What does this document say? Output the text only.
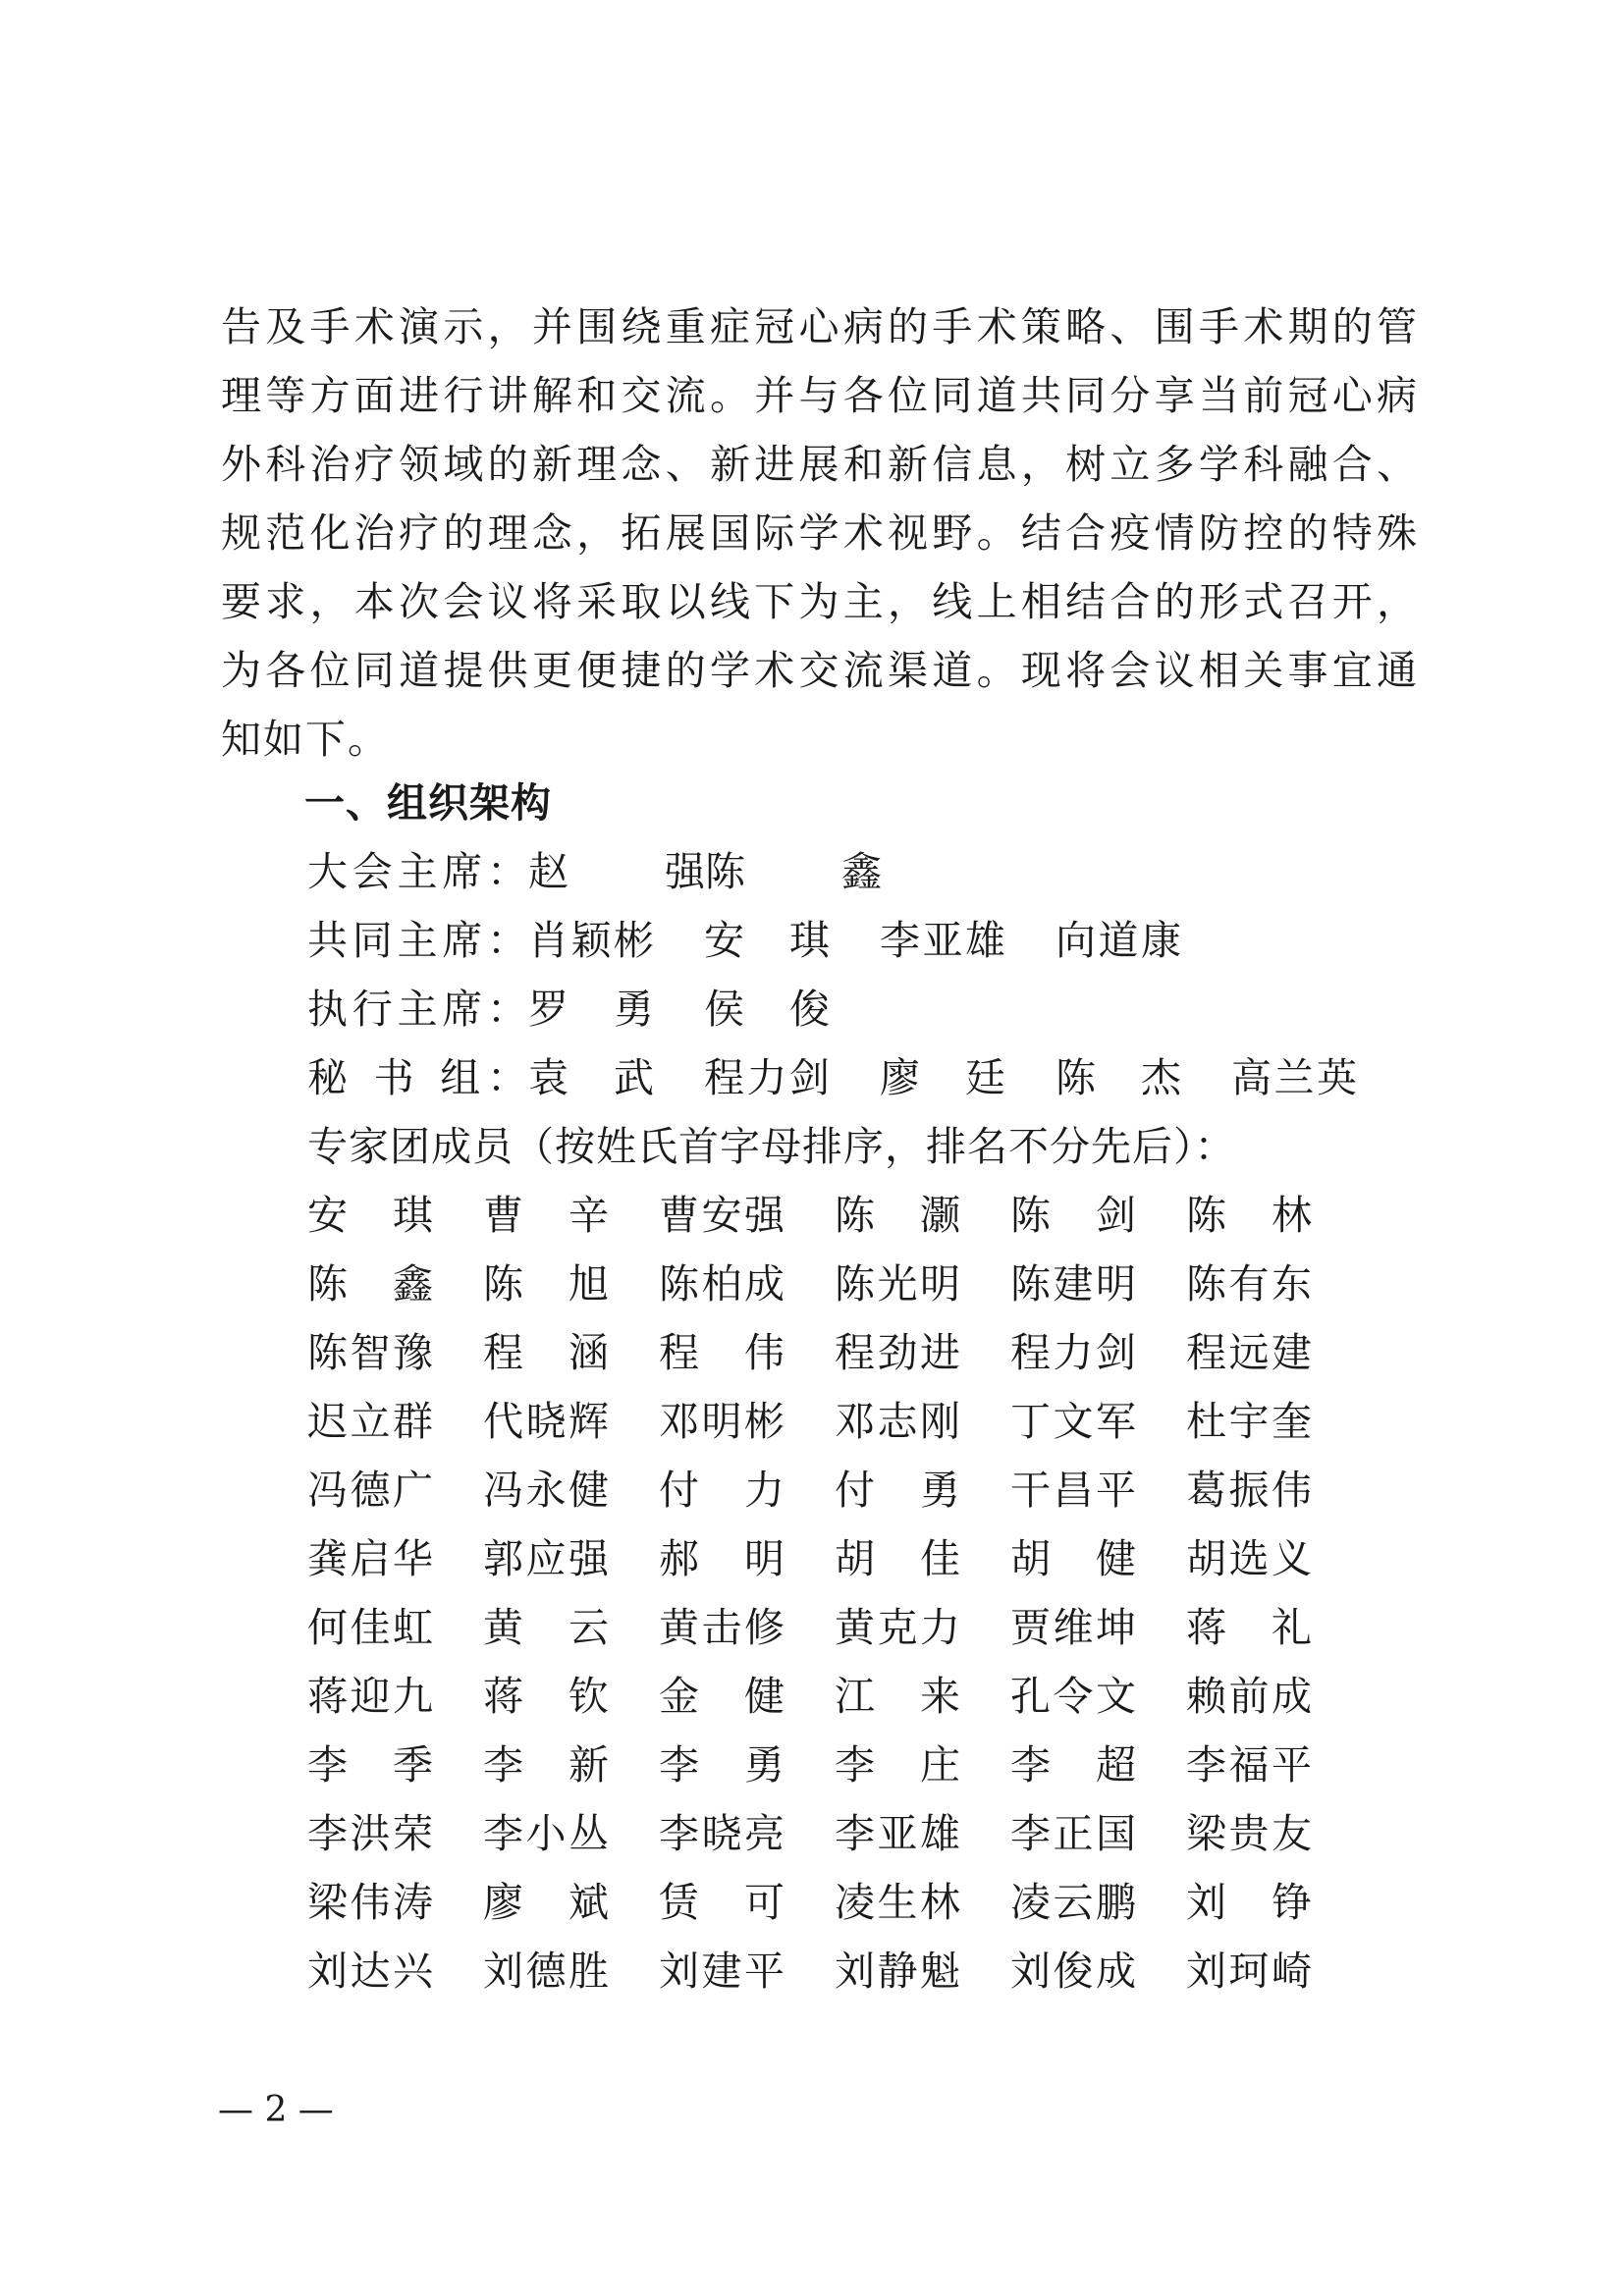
告及手术演示，并围绕重症冠心病的手术策略、围手术期的管
理等方面进行讲解和交流。并与各位同道共同分享当前冠心病
外科治疗领域的新理念、新进展和新信息，树立多学科融合、
规范化治疗的理念，拓展国际学术视野。结合疫情防控的特殊
要求，本次会议将采取以线下为主，线上相结合的形式召开，
为各位同道提供更便捷的学术交流渠道。现将会议相关事宜通
知如下。
一、组织架构
大会主席： 赵　强 陈　鑫
共同主席： 肖颖彬 安　琪 李亚雄 向道康
执行主席： 罗　勇 侯　俊
秘 书 组： 袁　武 程力剑 廖　廷 陈　杰 高兰英
专家团成员（按姓氏首字母排序，排名不分先后）：
安　琪 曹　辛 曹安强 陈　灏 陈　剑 陈　林
陈　鑫 陈　旭 陈柏成 陈光明 陈建明 陈有东
陈智豫 程　涵 程　伟 程劲进 程力剑 程远建
迟立群 代晓辉 邓明彬 邓志刚 丁文军 杜宇奎
冯德广 冯永健 付　力 付　勇 干昌平 葛振伟
龚启华 郭应强 郝　明 胡　佳 胡　健 胡选义
何佳虹 黄　云 黄击修 黄克力 贾维坤 蒋　礼
蒋迎九 蒋　钦 金　健 江　来 孔令文 赖前成
李　季 李　新 李　勇 李　庄 李　超 李福平
李洪荣 李小丛 李晓亮 李亚雄 李正国 梁贵友
梁伟涛 廖　斌 赁　可 凌生林 凌云鹏 刘　铮
刘达兴 刘德胜 刘建平 刘静魁 刘俊成 刘珂崎
— 2 —
